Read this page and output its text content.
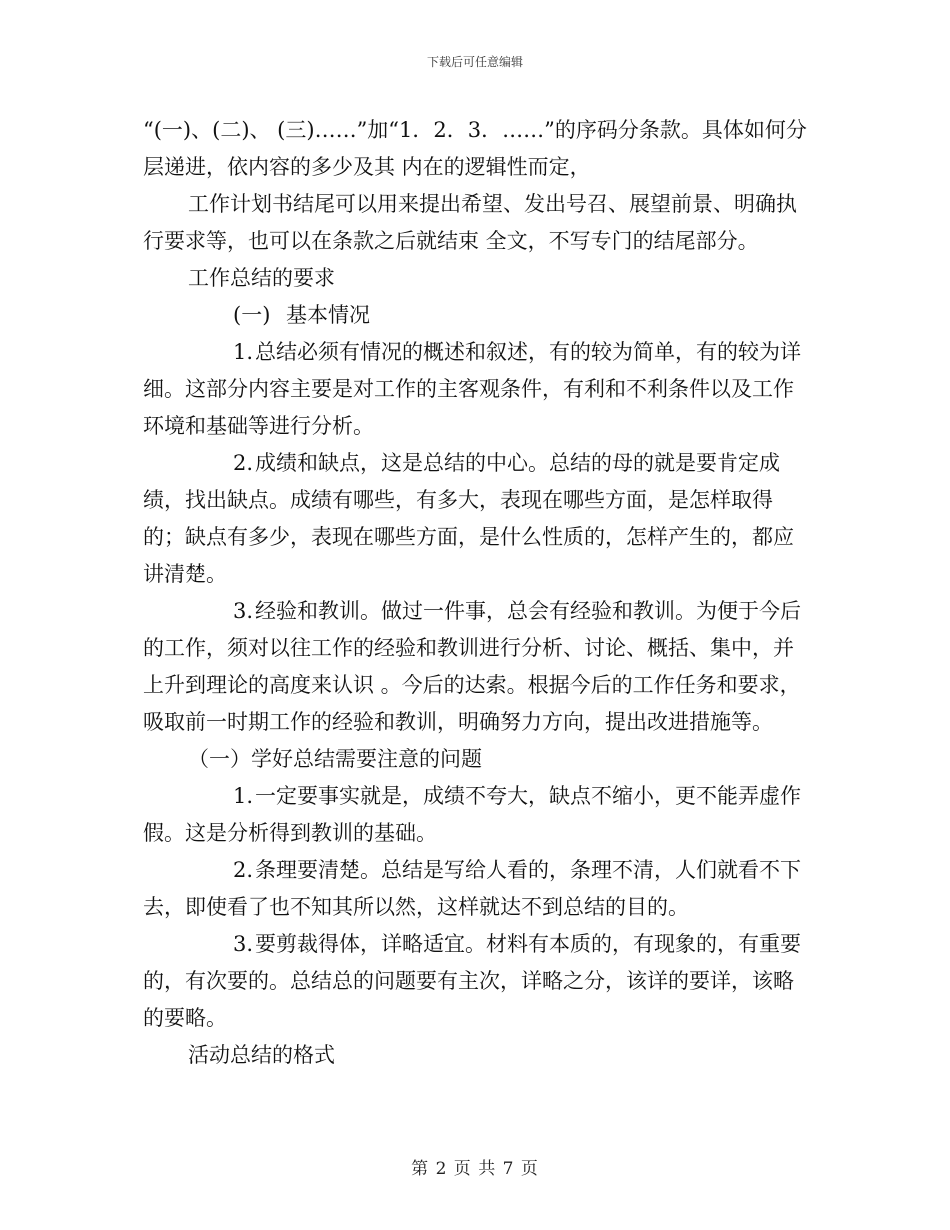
下载后可任意编辑

“(一)、(二)、 (三)……”加“1．2．3．……”的序码分条款。具体如何分层递进，依内容的多少及其 内在的逻辑性而定，

工作计划书结尾可以用来提出希望、发出号召、展望前景、明确执行要求等，也可以在条款之后就结束 全文，不写专门的结尾部分。

工作总结的要求

(一) 基本情况

1.总结必须有情况的概述和叙述，有的较为简单，有的较为详细。这部分内容主要是对工作的主客观条件，有利和不利条件以及工作环境和基础等进行分析。

2.成绩和缺点，这是总结的中心。总结的母的就是要肯定成绩，找出缺点。成绩有哪些，有多大，表现在哪些方面，是怎样取得的；缺点有多少，表现在哪些方面，是什么性质的，怎样产生的，都应讲清楚。

3.经验和教训。做过一件事，总会有经验和教训。为便于今后的工作，须对以往工作的经验和教训进行分析、讨论、概括、集中，并上升到理论的高度来认识 。今后的达索。根据今后的工作任务和要求，吸取前一时期工作的经验和教训，明确努力方向，提出改进措施等。

（一）学好总结需要注意的问题

1.一定要事实就是，成绩不夸大，缺点不缩小，更不能弄虚作假。这是分析得到教训的基础。

2.条理要清楚。总结是写给人看的，条理不清，人们就看不下去，即使看了也不知其所以然，这样就达不到总结的目的。

3.要剪裁得体，详略适宜。材料有本质的，有现象的，有重要的，有次要的。总结总的问题要有主次，详略之分，该详的要详，该略的要略。

活动总结的格式

第 2 页 共 7 页
